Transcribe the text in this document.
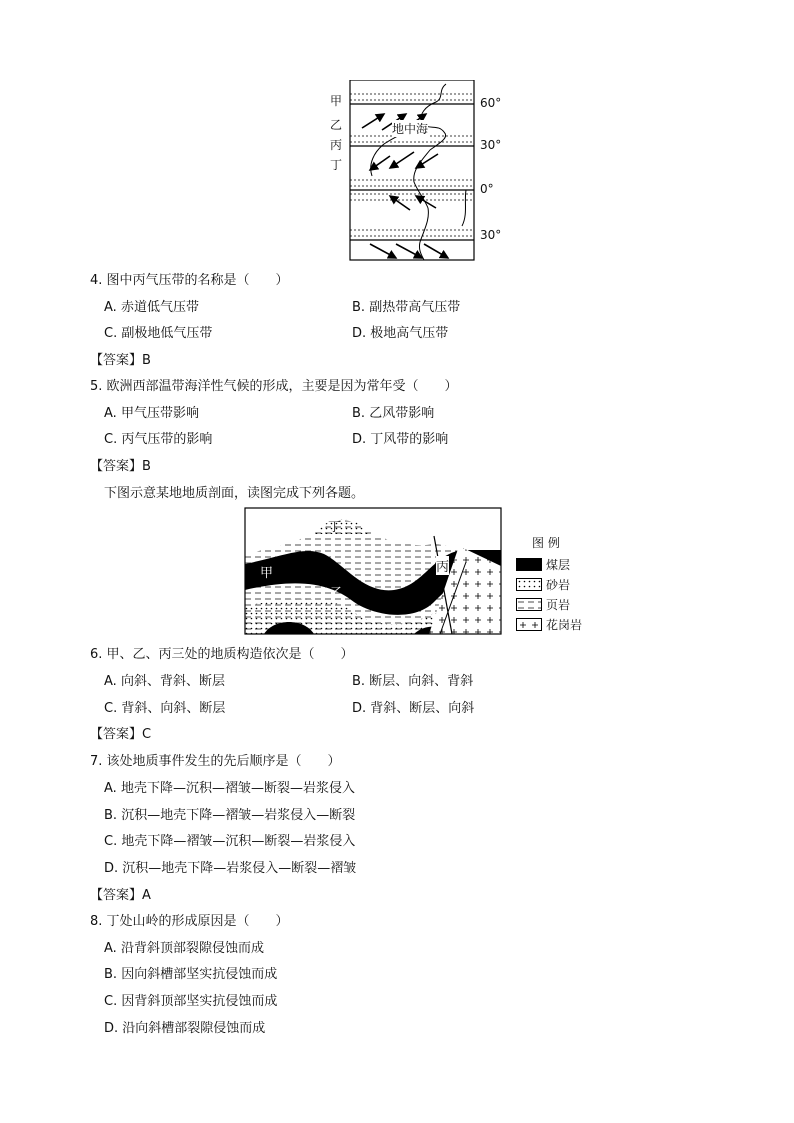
甲
乙
丙
丁
地中海
60°
30°
0°
30°
4. 图中丙气压带的名称是（　　）
A. 赤道低气压带	B. 副热带高气压带
C. 副极地低气压带	D. 极地高气压带
【答案】B
5. 欧洲西部温带海洋性气候的形成，主要是因为常年受（　　）
A. 甲气压带影响	B. 乙风带影响
C. 丙气压带的影响	D. 丁风带的影响
【答案】B
下图示意某地地质剖面，读图完成下列各题。
丁
甲
乙
丙
图 例
煤层
砂岩
页岩
花岗岩
6. 甲、乙、丙三处的地质构造依次是（　　）
A. 向斜、背斜、断层	B. 断层、向斜、背斜
C. 背斜、向斜、断层	D. 背斜、断层、向斜
【答案】C
7. 该处地质事件发生的先后顺序是（　　）
A. 地壳下降—沉积—褶皱—断裂—岩浆侵入
B. 沉积—地壳下降—褶皱—岩浆侵入—断裂
C. 地壳下降—褶皱—沉积—断裂—岩浆侵入
D. 沉积—地壳下降—岩浆侵入—断裂—褶皱
【答案】A
8. 丁处山岭的形成原因是（　　）
A. 沿背斜顶部裂隙侵蚀而成
B. 因向斜槽部坚实抗侵蚀而成
C. 因背斜顶部坚实抗侵蚀而成
D. 沿向斜槽部裂隙侵蚀而成
